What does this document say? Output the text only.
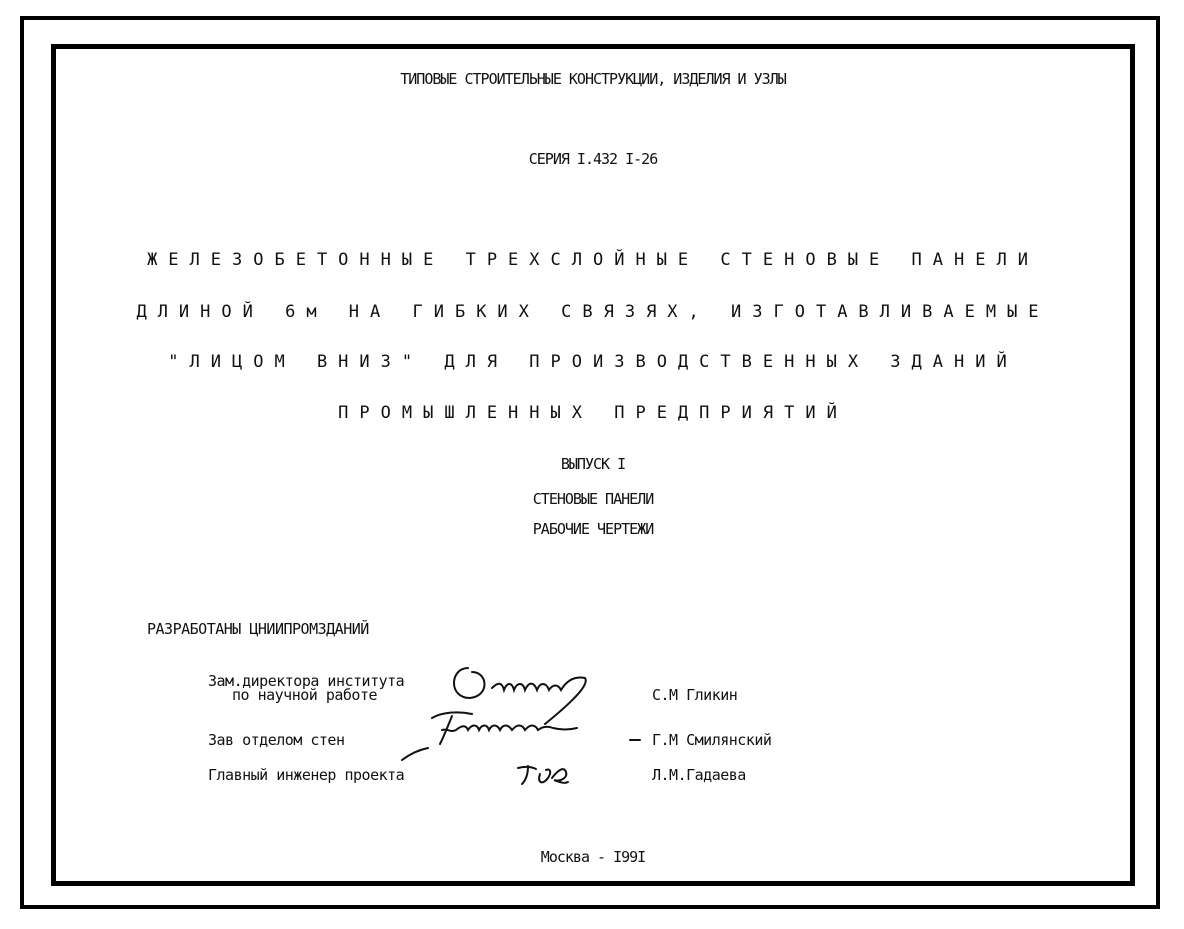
ТИПОВЫЕ СТРОИТЕЛЬНЫЕ КОНСТРУКЦИИ, ИЗДЕЛИЯ И УЗЛЫ
СЕРИЯ І.432 І-26
ЖЕЛЕЗОБЕТОННЫЕ ТРЕХСЛОЙНЫЕ СТЕНОВЫЕ ПАНЕЛИ
ДЛИНОЙ 6м НА ГИБКИХ СВЯЗЯХ, ИЗГОТАВЛИВАЕМЫЕ
"ЛИЦОМ ВНИЗ" ДЛЯ ПРОИЗВОДСТВЕННЫХ ЗДАНИЙ
ПРОМЫШЛЕННЫХ ПРЕДПРИЯТИЙ
ВЫПУСК І
СТЕНОВЫЕ ПАНЕЛИ
РАБОЧИЕ ЧЕРТЕЖИ
РАЗРАБОТАНЫ ЦНИИПРОМЗДАНИЙ
Зам.директора института
по научной работе	С.М Гликин
Зав отделом стен	Г.М Смилянский
Главный инженер проекта	Л.М.Гадаева
Москва - І99І
